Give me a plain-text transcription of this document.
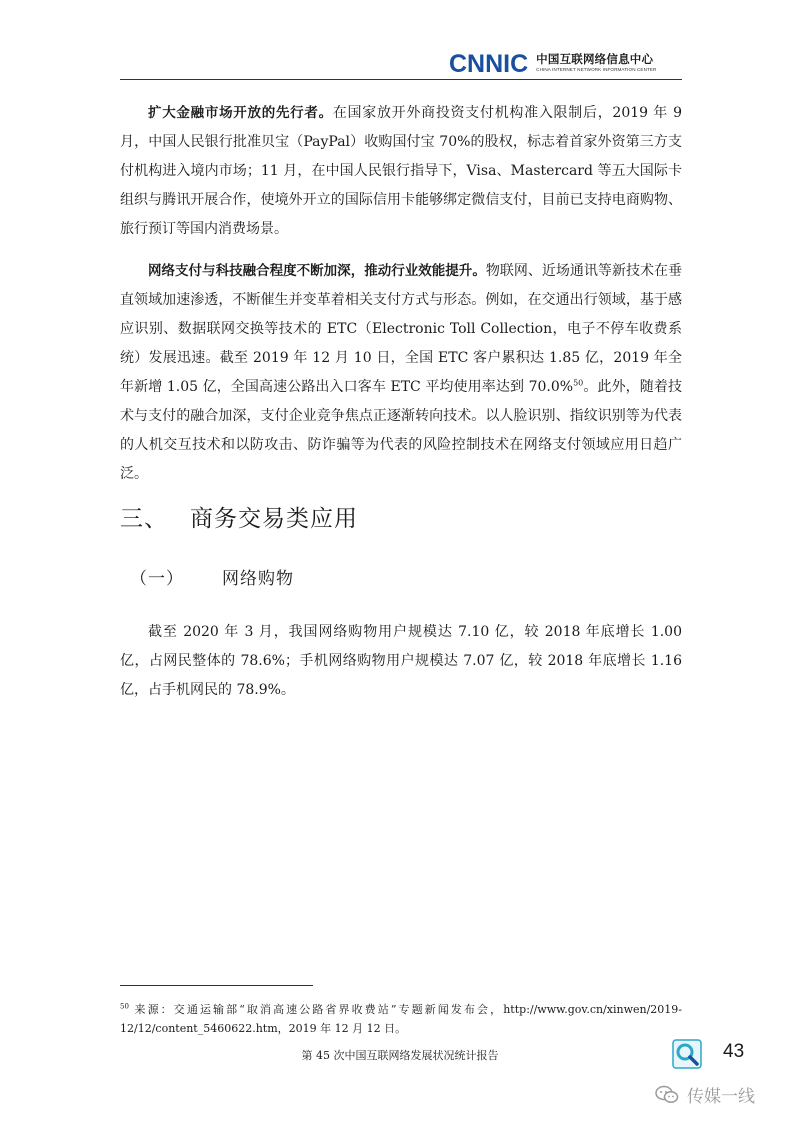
CNNIC 中国互联网络信息中心
CHINA INTERNET NETWORK INFORMATION CENTER

扩大金融市场开放的先行者。在国家放开外商投资支付机构准入限制后，2019 年 9 月，中国人民银行批准贝宝（PayPal）收购国付宝 70%的股权，标志着首家外资第三方支付机构进入境内市场；11 月，在中国人民银行指导下，Visa、Mastercard 等五大国际卡组织与腾讯开展合作，使境外开立的国际信用卡能够绑定微信支付，目前已支持电商购物、旅行预订等国内消费场景。

网络支付与科技融合程度不断加深，推动行业效能提升。物联网、近场通讯等新技术在垂直领域加速渗透，不断催生并变革着相关支付方式与形态。例如，在交通出行领域，基于感应识别、数据联网交换等技术的 ETC（Electronic Toll Collection，电子不停车收费系统）发展迅速。截至 2019 年 12 月 10 日，全国 ETC 客户累积达 1.85 亿，2019 年全年新增 1.05 亿，全国高速公路出入口客车 ETC 平均使用率达到 70.0%$^{50}$。此外，随着技术与支付的融合加深，支付企业竞争焦点正逐渐转向技术。以人脸识别、指纹识别等为代表的人机交互技术和以防攻击、防诈骗等为代表的风险控制技术在网络支付领域应用日趋广泛。

三、 商务交易类应用
（一） 网络购物

截至 2020 年 3 月，我国网络购物用户规模达 7.10 亿，较 2018 年底增长 1.00 亿，占网民整体的 78.6%；手机网络购物用户规模达 7.07 亿，较 2018 年底增长 1.16 亿，占手机网民的 78.9%。

$^{50}$ 来源：交通运输部“取消高速公路省界收费站”专题新闻发布会，http://www.gov.cn/xinwen/2019-12/12/content_5460622.htm，2019 年 12 月 12 日。

第 45 次中国互联网络发展状况统计报告	43
传媒一线
